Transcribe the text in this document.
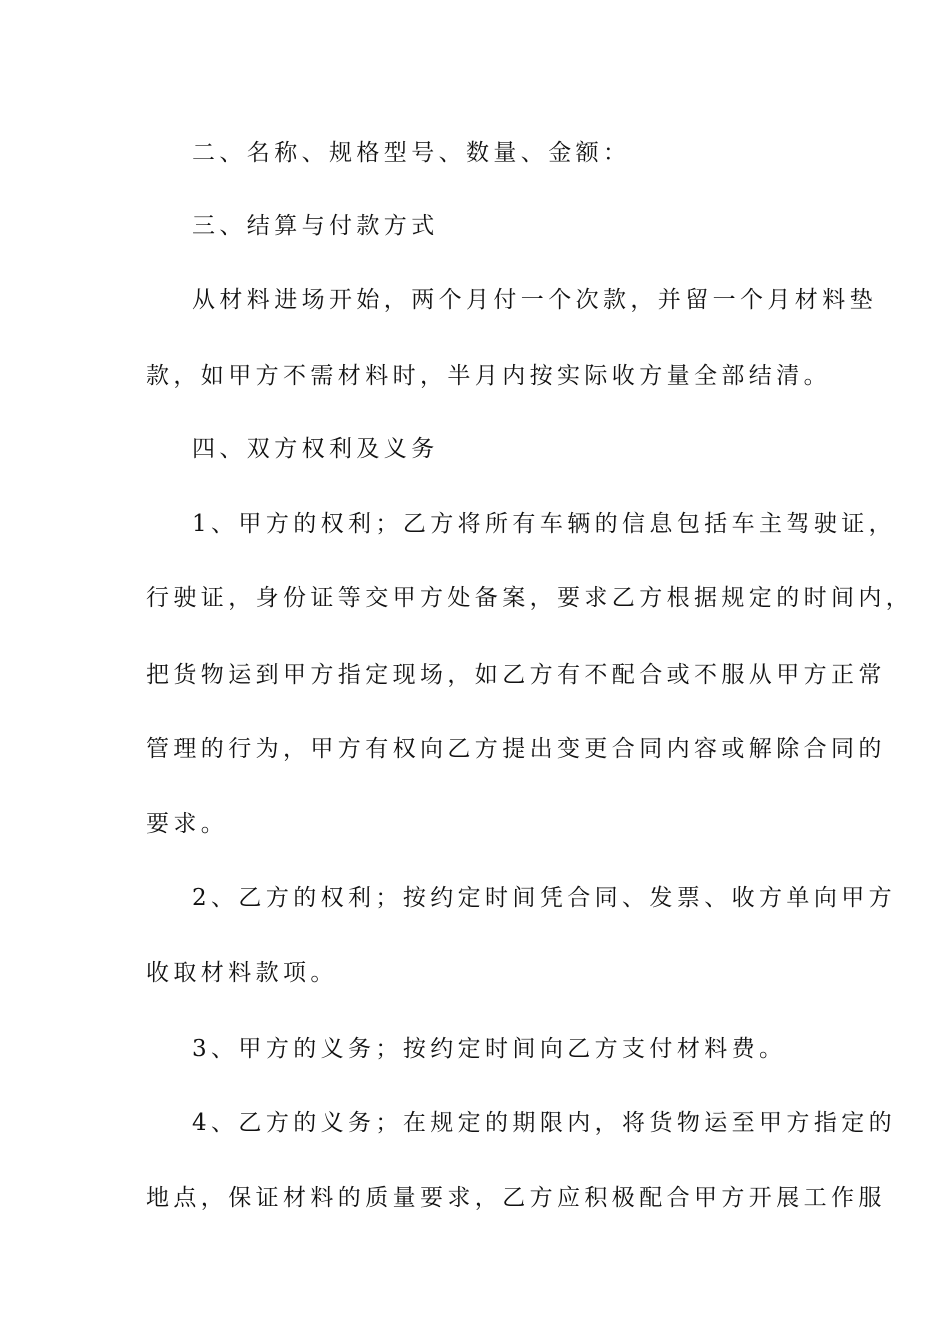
二、名称、规格型号、数量、金额：

三、结算与付款方式

从材料进场开始，两个月付一个次款，并留一个月材料垫

款，如甲方不需材料时，半月内按实际收方量全部结清。

四、双方权利及义务

1、甲方的权利；乙方将所有车辆的信息包括车主驾驶证，

行驶证，身份证等交甲方处备案，要求乙方根据规定的时间内，

把货物运到甲方指定现场，如乙方有不配合或不服从甲方正常

管理的行为，甲方有权向乙方提出变更合同内容或解除合同的

要求。

2、乙方的权利；按约定时间凭合同、发票、收方单向甲方

收取材料款项。

3、甲方的义务；按约定时间向乙方支付材料费。

4、乙方的义务；在规定的期限内，将货物运至甲方指定的

地点，保证材料的质量要求，乙方应积极配合甲方开展工作服
